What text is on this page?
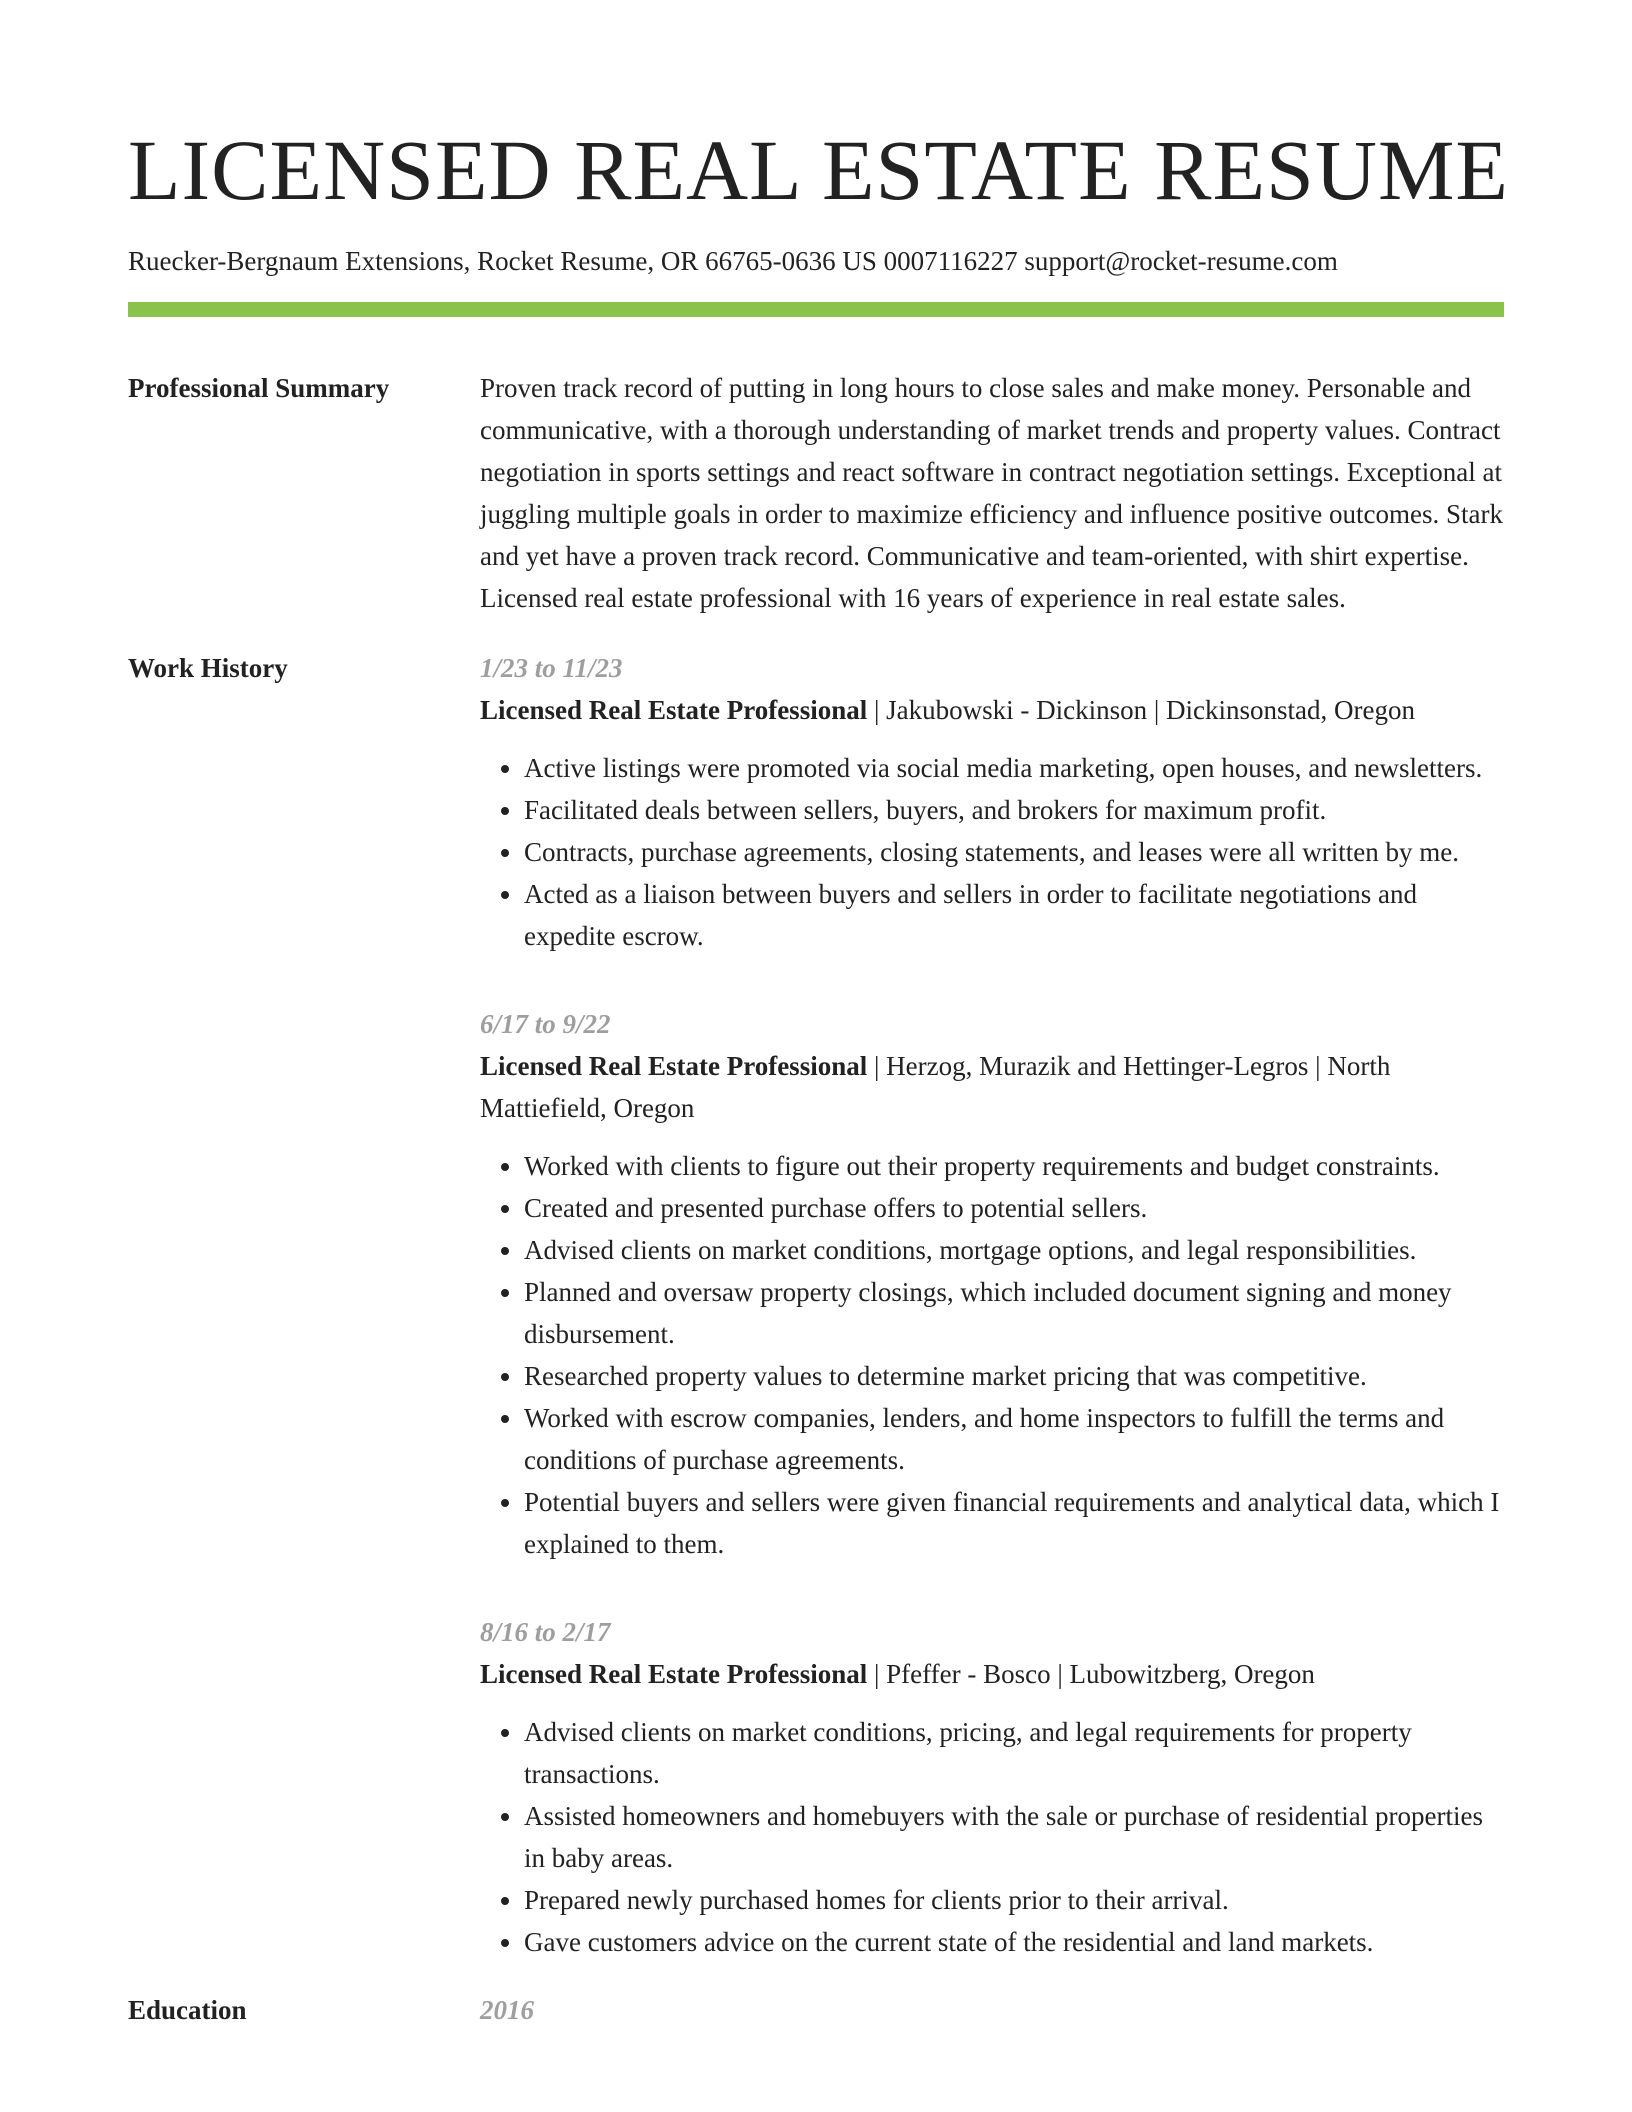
LICENSED REAL ESTATE RESUME
Ruecker-Bergnaum Extensions, Rocket Resume, OR 66765-0636 US 0007116227 support@rocket-resume.com
Professional Summary	Proven track record of putting in long hours to close sales and make money. Personable and communicative, with a thorough understanding of market trends and property values. Contract negotiation in sports settings and react software in contract negotiation settings. Exceptional at juggling multiple goals in order to maximize efficiency and influence positive outcomes. Stark and yet have a proven track record. Communicative and team-oriented, with shirt expertise. Licensed real estate professional with 16 years of experience in real estate sales.

Work History	1/23 to 11/23
Licensed Real Estate Professional | Jakubowski - Dickinson | Dickinsonstad, Oregon
• Active listings were promoted via social media marketing, open houses, and newsletters.
• Facilitated deals between sellers, buyers, and brokers for maximum profit.
• Contracts, purchase agreements, closing statements, and leases were all written by me.
• Acted as a liaison between buyers and sellers in order to facilitate negotiations and expedite escrow.
6/17 to 9/22
Licensed Real Estate Professional | Herzog, Murazik and Hettinger-Legros | North Mattiefield, Oregon
• Worked with clients to figure out their property requirements and budget constraints.
• Created and presented purchase offers to potential sellers.
• Advised clients on market conditions, mortgage options, and legal responsibilities.
• Planned and oversaw property closings, which included document signing and money disbursement.
• Researched property values to determine market pricing that was competitive.
• Worked with escrow companies, lenders, and home inspectors to fulfill the terms and conditions of purchase agreements.
• Potential buyers and sellers were given financial requirements and analytical data, which I explained to them.
8/16 to 2/17
Licensed Real Estate Professional | Pfeffer - Bosco | Lubowitzberg, Oregon
• Advised clients on market conditions, pricing, and legal requirements for property transactions.
• Assisted homeowners and homebuyers with the sale or purchase of residential properties in baby areas.
• Prepared newly purchased homes for clients prior to their arrival.
• Gave customers advice on the current state of the residential and land markets.
Education	2016
